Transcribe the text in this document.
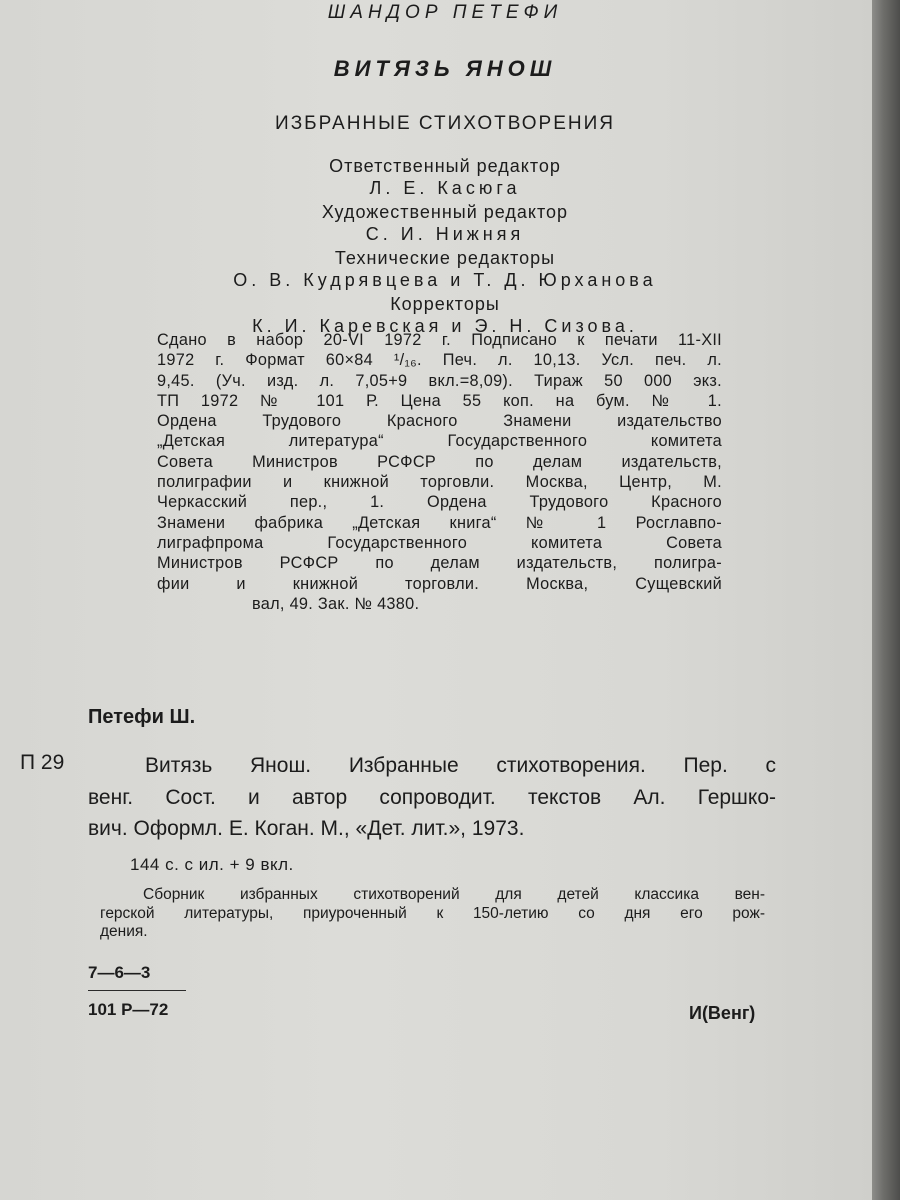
ШАНДОР ПЕТЕФИ
ВИТЯЗЬ ЯНОШ
ИЗБРАННЫЕ СТИХОТВОРЕНИЯ
Ответственный редактор
Л. Е. Касюга
Художественный редактор
С. И. Нижняя
Технические редакторы
О. В. Кудрявцева и Т. Д. Юрханова
Корректоры
К. И. Каревская и Э. Н. Сизова.
Сдано в набор 20-VI 1972 г. Подписано к печати 11-XII
1972 г. Формат 60×84 ¹/₁₆. Печ. л. 10,13. Усл. печ. л.
9,45. (Уч. изд. л. 7,05+9 вкл.=8,09). Тираж 50 000 экз.
ТП 1972 № 101 Р. Цена 55 коп. на бум. № 1.
Ордена Трудового Красного Знамени издательство
„Детская литература“ Государственного комитета
Совета Министров РСФСР по делам издательств,
полиграфии и книжной торговли. Москва, Центр, М.
Черкасский пер., 1. Ордена Трудового Красного
Знамени фабрика „Детская книга“ № 1 Росглавпо-
лиграфпрома Государственного комитета Совета
Министров РСФСР по делам издательств, полигра-
фии и книжной торговли. Москва, Сущевский
вал, 49. Зак. № 4380.
Петефи Ш.
П 29	Витязь Янош. Избранные стихотворения. Пер. с
венг. Сост. и автор сопроводит. текстов Ал. Гершко-
вич. Оформл. Е. Коган. М., «Дет. лит.», 1973.
144 с. с ил. + 9 вкл.
Сборник избранных стихотворений для детей классика вен-
герской литературы, приуроченный к 150-летию со дня его рож-
дения.
7—6—3
101 Р—72	И(Венг)
